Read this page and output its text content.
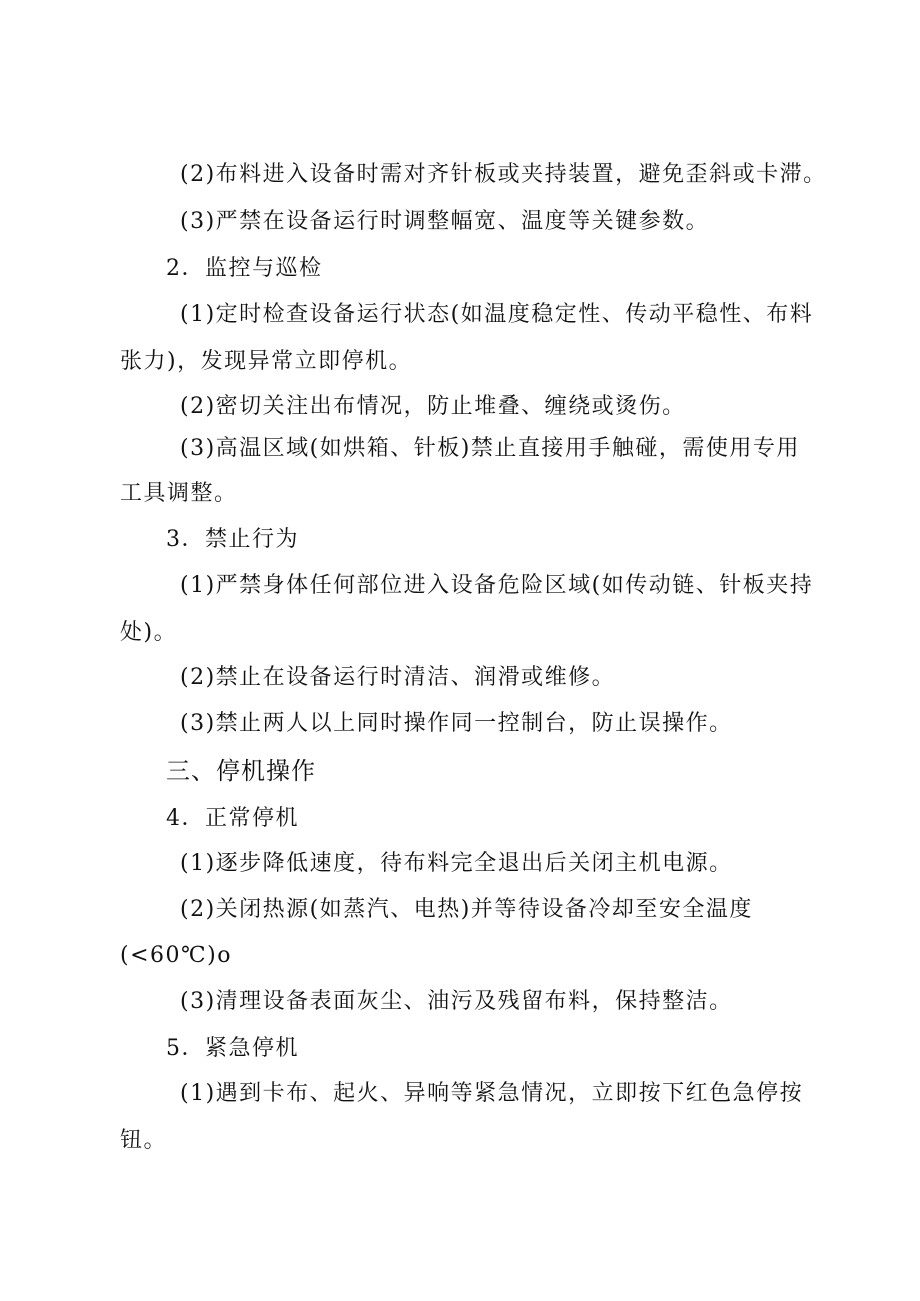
(2)布料进入设备时需对齐针板或夹持装置，避免歪斜或卡滞。
(3)严禁在设备运行时调整幅宽、温度等关键参数。
2．监控与巡检
(1)定时检查设备运行状态(如温度稳定性、传动平稳性、布料
张力)，发现异常立即停机。
(2)密切关注出布情况，防止堆叠、缠绕或烫伤。
(3)高温区域(如烘箱、针板)禁止直接用手触碰，需使用专用
工具调整。
3．禁止行为
(1)严禁身体任何部位进入设备危险区域(如传动链、针板夹持
处)。
(2)禁止在设备运行时清洁、润滑或维修。
(3)禁止两人以上同时操作同一控制台，防止误操作。
三、停机操作
4．正常停机
(1)逐步降低速度，待布料完全退出后关闭主机电源。
(2)关闭热源(如蒸汽、电热)并等待设备冷却至安全温度
(<60℃)o
(3)清理设备表面灰尘、油污及残留布料，保持整洁。
5．紧急停机
(1)遇到卡布、起火、异响等紧急情况，立即按下红色急停按
钮。
